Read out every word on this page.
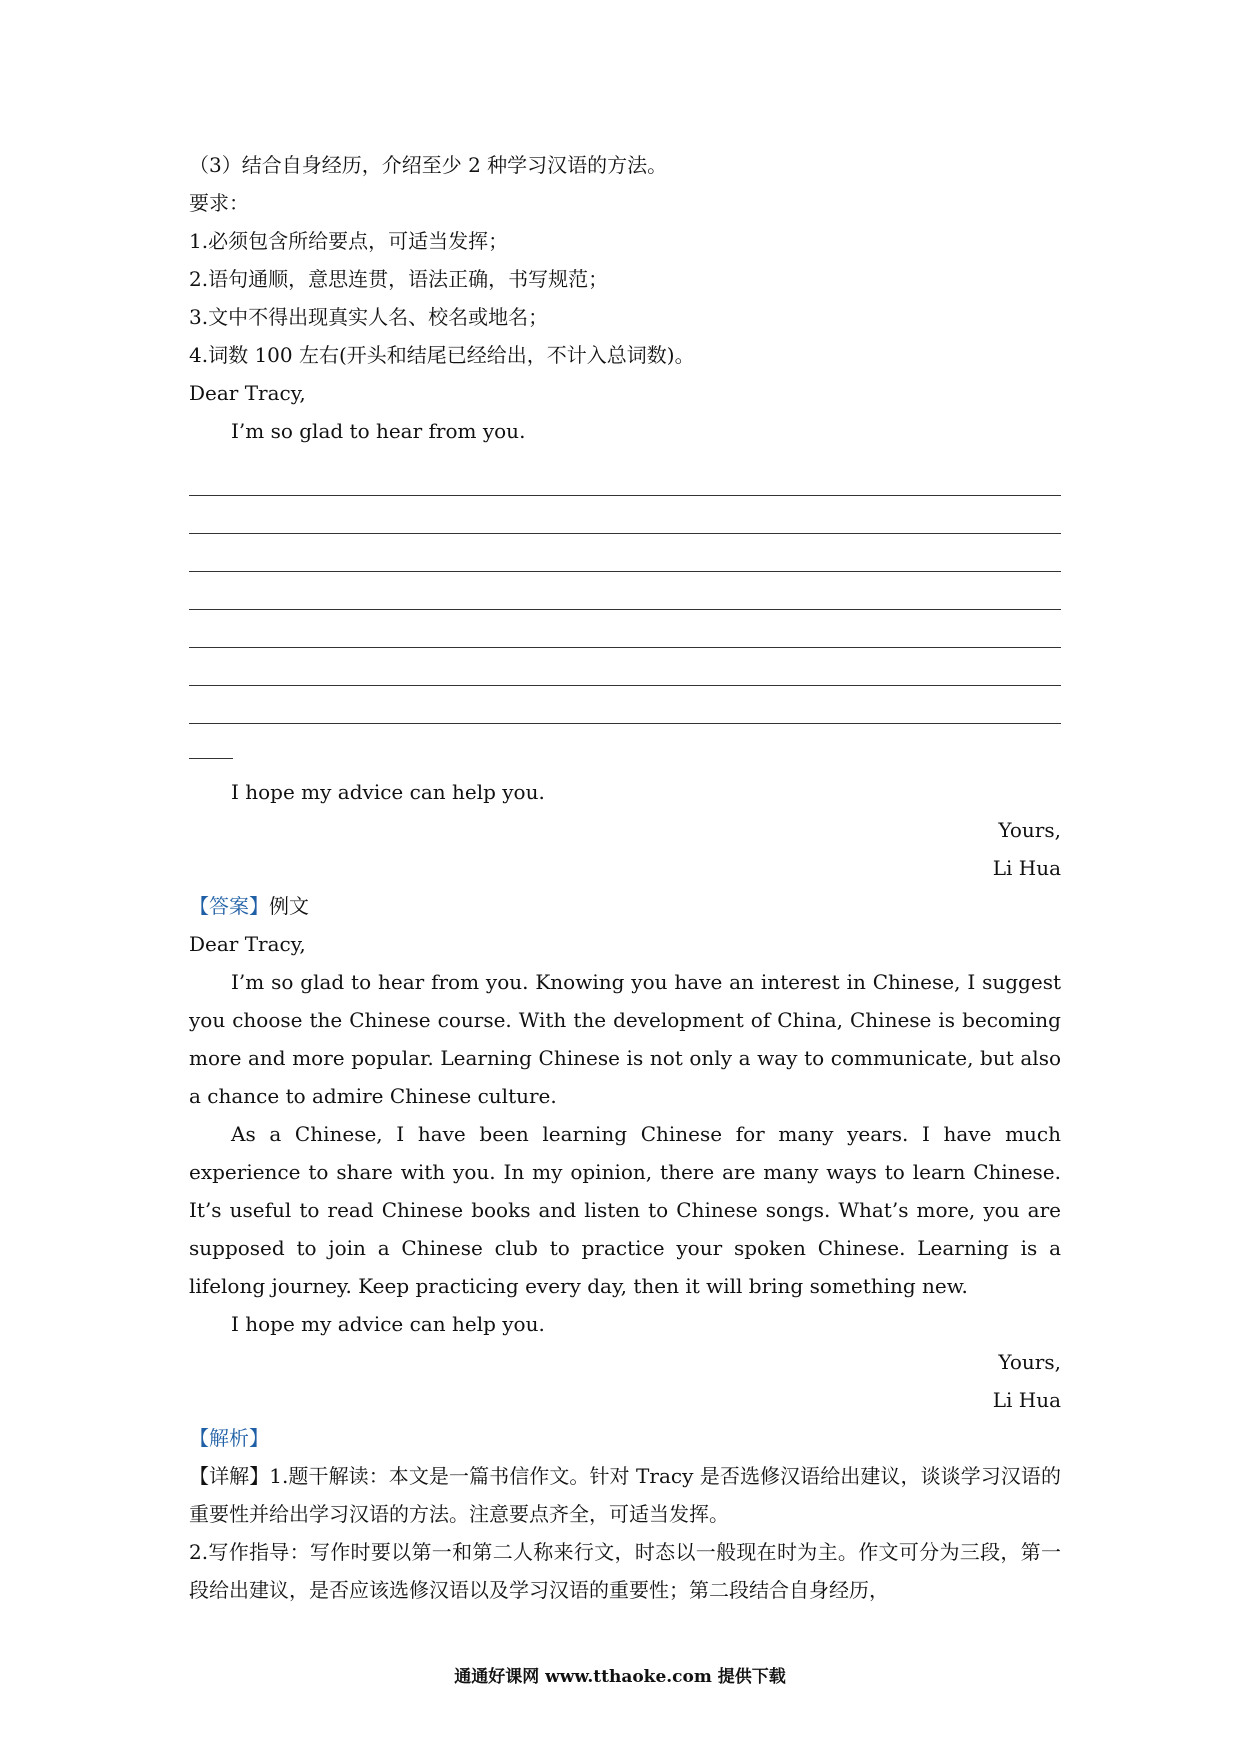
（3）结合自身经历，介绍至少 2 种学习汉语的方法。
要求：
1.必须包含所给要点，可适当发挥；
2.语句通顺，意思连贯，语法正确，书写规范；
3.文中不得出现真实人名、校名或地名；
4.词数 100 左右(开头和结尾已经给出，不计入总词数)。
Dear Tracy,
I’m so glad to hear from you.
I hope my advice can help you.
Yours,
Li Hua
【答案】例文
Dear Tracy,
I’m so glad to hear from you. Knowing you have an interest in Chinese, I suggest you choose the Chinese course. With the development of China, Chinese is becoming more and more popular. Learning Chinese is not only a way to communicate, but also a chance to admire Chinese culture.
As a Chinese, I have been learning Chinese for many years. I have much experience to share with you. In my opinion, there are many ways to learn Chinese. It’s useful to read Chinese books and listen to Chinese songs. What’s more, you are supposed to join a Chinese club to practice your spoken Chinese. Learning is a lifelong journey. Keep practicing every day, then it will bring something new.
I hope my advice can help you.
Yours,
Li Hua
【解析】
【详解】1.题干解读：本文是一篇书信作文。针对 Tracy 是否选修汉语给出建议，谈谈学习汉语的重要性并给出学习汉语的方法。注意要点齐全，可适当发挥。
2.写作指导：写作时要以第一和第二人称来行文，时态以一般现在时为主。作文可分为三段，第一段给出建议，是否应该选修汉语以及学习汉语的重要性；第二段结合自身经历，
通通好课网 www.tthaoke.com 提供下载
